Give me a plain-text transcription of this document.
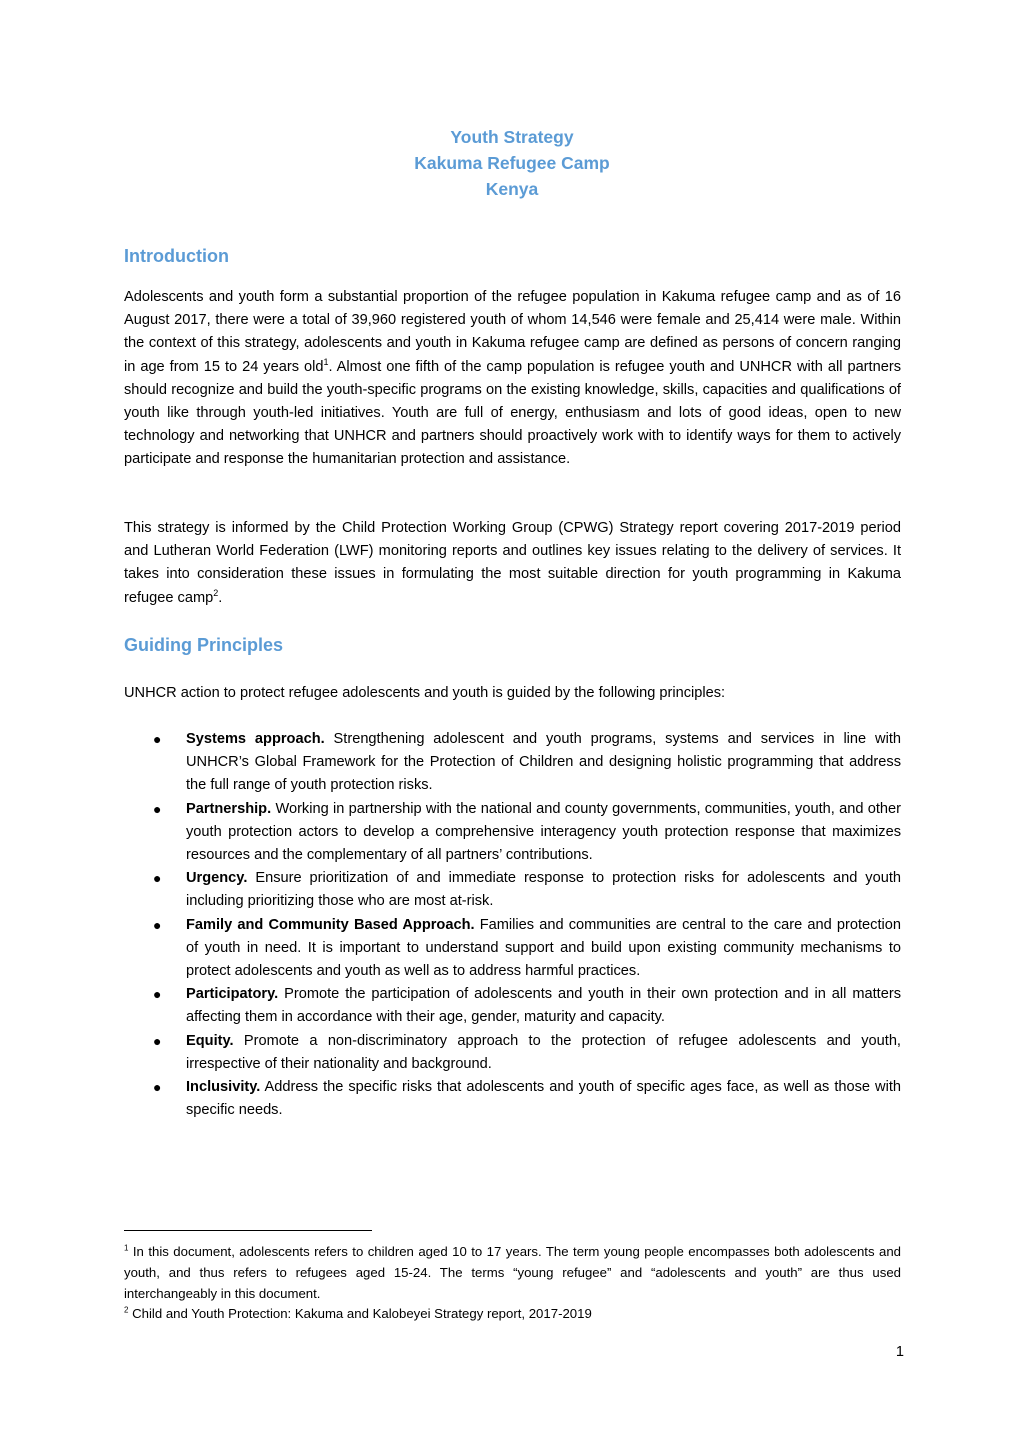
Youth Strategy
Kakuma Refugee Camp
Kenya
Introduction

Adolescents and youth form a substantial proportion of the refugee population in Kakuma refugee camp and as of 16 August 2017, there were a total of 39,960 registered youth of whom 14,546 were female and 25,414 were male. Within the context of this strategy, adolescents and youth in Kakuma refugee camp are defined as persons of concern ranging in age from 15 to 24 years old$^1$. Almost one fifth of the camp population is refugee youth and UNHCR with all partners should recognize and build the youth-specific programs on the existing knowledge, skills, capacities and qualifications of youth like through youth-led initiatives. Youth are full of energy, enthusiasm and lots of good ideas, open to new technology and networking that UNHCR and partners should proactively work with to identify ways for them to actively participate and response the humanitarian protection and assistance.

This strategy is informed by the Child Protection Working Group (CPWG) Strategy report covering 2017-2019 period and Lutheran World Federation (LWF) monitoring reports and outlines key issues relating to the delivery of services. It takes into consideration these issues in formulating the most suitable direction for youth programming in Kakuma refugee camp$^2$.

Guiding Principles

UNHCR action to protect refugee adolescents and youth is guided by the following principles:

● Systems approach. Strengthening adolescent and youth programs, systems and services in line with UNHCR’s Global Framework for the Protection of Children and designing holistic programming that address the full range of youth protection risks.
● Partnership. Working in partnership with the national and county governments, communities, youth, and other youth protection actors to develop a comprehensive interagency youth protection response that maximizes resources and the complementary of all partners’ contributions.
● Urgency. Ensure prioritization of and immediate response to protection risks for adolescents and youth including prioritizing those who are most at-risk.
● Family and Community Based Approach. Families and communities are central to the care and protection of youth in need. It is important to understand support and build upon existing community mechanisms to protect adolescents and youth as well as to address harmful practices.
● Participatory. Promote the participation of adolescents and youth in their own protection and in all matters affecting them in accordance with their age, gender, maturity and capacity.
● Equity. Promote a non-discriminatory approach to the protection of refugee adolescents and youth, irrespective of their nationality and background.
● Inclusivity. Address the specific risks that adolescents and youth of specific ages face, as well as those with specific needs.

$^1$ In this document, adolescents refers to children aged 10 to 17 years. The term young people encompasses both adolescents and youth, and thus refers to refugees aged 15-24. The terms “young refugee” and “adolescents and youth” are thus used interchangeably in this document.

$^2$ Child and Youth Protection: Kakuma and Kalobeyei Strategy report, 2017-2019

1
